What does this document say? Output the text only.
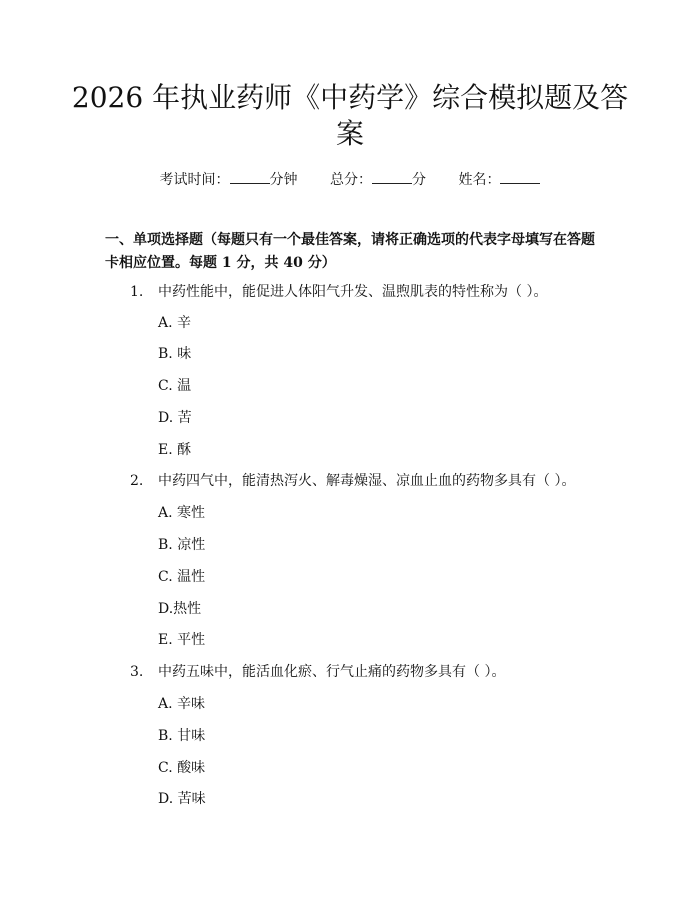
2026 年执业药师《中药学》综合模拟题及答
案
考试时间：	分钟 总分：	分 姓名：

一、单项选择题（每题只有一个最佳答案，请将正确选项的代表字母填写在答题卡相应位置。每题 1 分，共 40 分）

1. 中药性能中，能促进人体阳气升发、温煦肌表的特性称为（ ）。
A. 辛
B. 味
C. 温
D. 苦
E. 酥
2. 中药四气中，能清热泻火、解毒燥湿、凉血止血的药物多具有（ ）。
A. 寒性
B. 凉性
C. 温性
D.热性
E. 平性
3. 中药五味中，能活血化瘀、行气止痛的药物多具有（ ）。
A. 辛味
B. 甘味
C. 酸味
D. 苦味
